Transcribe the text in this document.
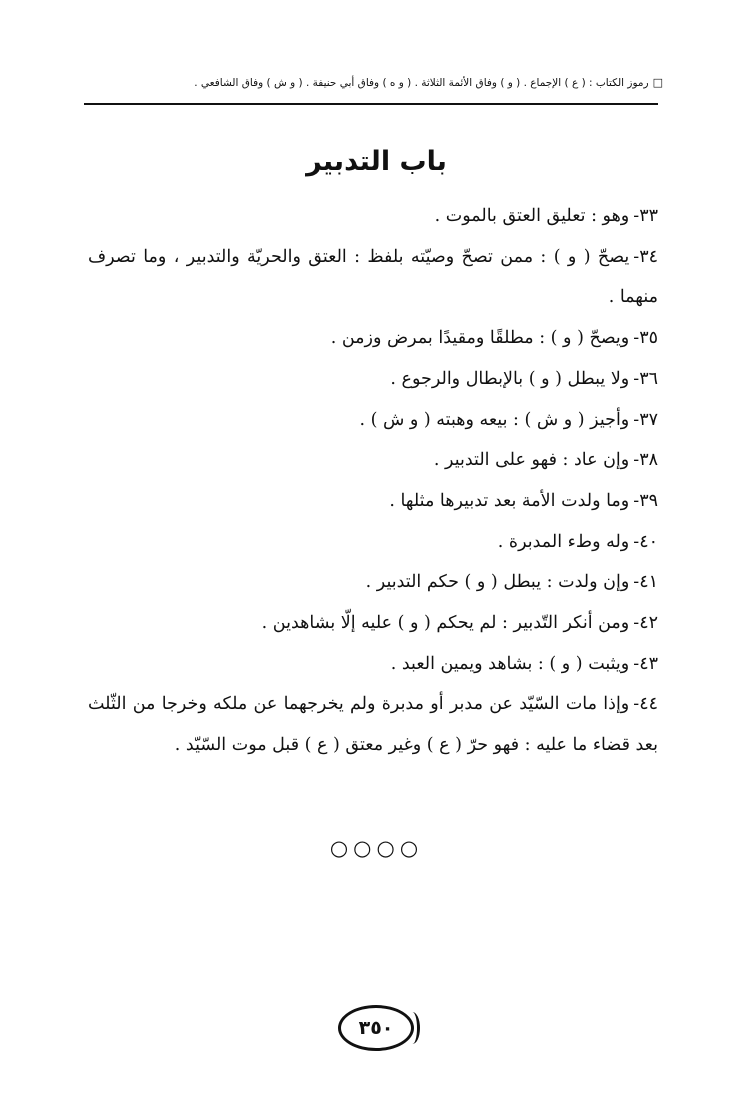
□رموز الكتاب : ( ع ) الإجماع . ( و ) وفاق الأئمة الثلاثة . ( و ه ) وفاق أبي حنيفة . ( و ش ) وفاق الشافعي .
باب التدبير
٣٣-وهو : تعليق العتق بالموت .
٣٤-يصحّ ( و ) : ممن تصحّ وصيّته بلفظ : العتق والحريّة والتدبير ، وما تصرف منهما .
٣٥-ويصحّ ( و ) : مطلقًا ومقيدًا بمرض وزمن .
٣٦-ولا يبطل ( و ) بالإبطال والرجوع .
٣٧-وأجيز ( و ش ) : بيعه وهبته ( و ش ) .
٣٨-وإن عاد : فهو على التدبير .
٣٩-وما ولدت الأمة بعد تدبيرها مثلها .
٤٠-وله وطء المدبرة .
٤١-وإن ولدت : يبطل ( و ) حكم التدبير .
٤٢-ومن أنكر التّدبير : لم يحكم ( و ) عليه إلّا بشاهدين .
٤٣-ويثبت ( و ) : بشاهد ويمين العبد .
٤٤-وإذا مات السّيّد عن مدبر أو مدبرة ولم يخرجهما عن ملكه وخرجا من الثّلث بعد قضاء ما عليه : فهو حرّ ( ع ) وغير معتق ( ع ) قبل موت السّيّد .
○○○○
٣٥٠
